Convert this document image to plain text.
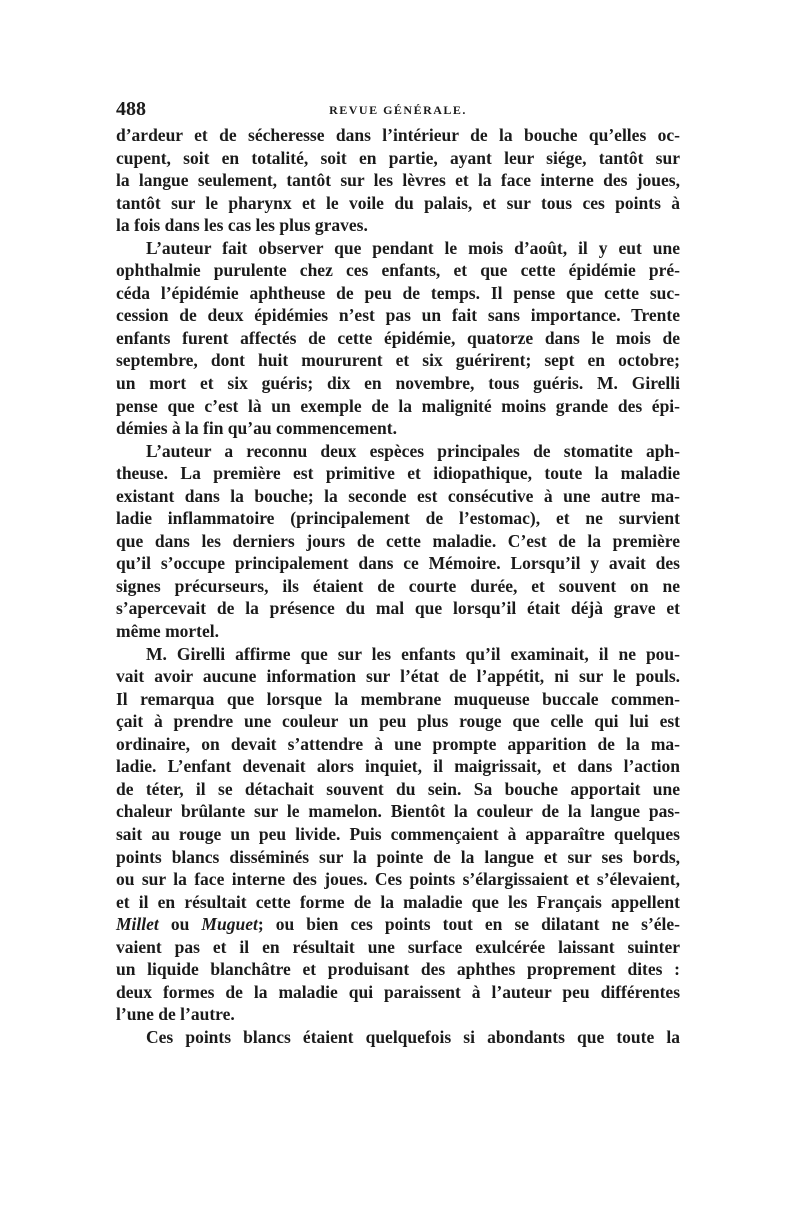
488	REVUE GÉNÉRALE.
d’ardeur et de sécheresse dans l’intérieur de la bouche qu’elles oc-
cupent, soit en totalité, soit en partie, ayant leur siége, tantôt sur
la langue seulement, tantôt sur les lèvres et la face interne des joues,
tantôt sur le pharynx et le voile du palais, et sur tous ces points à
la fois dans les cas les plus graves.
L’auteur fait observer que pendant le mois d’août, il y eut une
ophthalmie purulente chez ces enfants, et que cette épidémie pré-
céda l’épidémie aphtheuse de peu de temps. Il pense que cette suc-
cession de deux épidémies n’est pas un fait sans importance. Trente
enfants furent affectés de cette épidémie, quatorze dans le mois de
septembre, dont huit moururent et six guérirent; sept en octobre;
un mort et six guéris; dix en novembre, tous guéris. M. Girelli
pense que c’est là un exemple de la malignité moins grande des épi-
démies à la fin qu’au commencement.
L’auteur a reconnu deux espèces principales de stomatite aph-
theuse. La première est primitive et idiopathique, toute la maladie
existant dans la bouche; la seconde est consécutive à une autre ma-
ladie inflammatoire (principalement de l’estomac), et ne survient
que dans les derniers jours de cette maladie. C’est de la première
qu’il s’occupe principalement dans ce Mémoire. Lorsqu’il y avait des
signes précurseurs, ils étaient de courte durée, et souvent on ne
s’apercevait de la présence du mal que lorsqu’il était déjà grave et
même mortel.
M. Girelli affirme que sur les enfants qu’il examinait, il ne pou-
vait avoir aucune information sur l’état de l’appétit, ni sur le pouls.
Il remarqua que lorsque la membrane muqueuse buccale commen-
çait à prendre une couleur un peu plus rouge que celle qui lui est
ordinaire, on devait s’attendre à une prompte apparition de la ma-
ladie. L’enfant devenait alors inquiet, il maigrissait, et dans l’action
de téter, il se détachait souvent du sein. Sa bouche apportait une
chaleur brûlante sur le mamelon. Bientôt la couleur de la langue pas-
sait au rouge un peu livide. Puis commençaient à apparaître quelques
points blancs disséminés sur la pointe de la langue et sur ses bords,
ou sur la face interne des joues. Ces points s’élargissaient et s’élevaient,
et il en résultait cette forme de la maladie que les Français appellent
Millet ou Muguet; ou bien ces points tout en se dilatant ne s’éle-
vaient pas et il en résultait une surface exulcérée laissant suinter
un liquide blanchâtre et produisant des aphthes proprement dites :
deux formes de la maladie qui paraissent à l’auteur peu différentes
l’une de l’autre.
Ces points blancs étaient quelquefois si abondants que toute la
